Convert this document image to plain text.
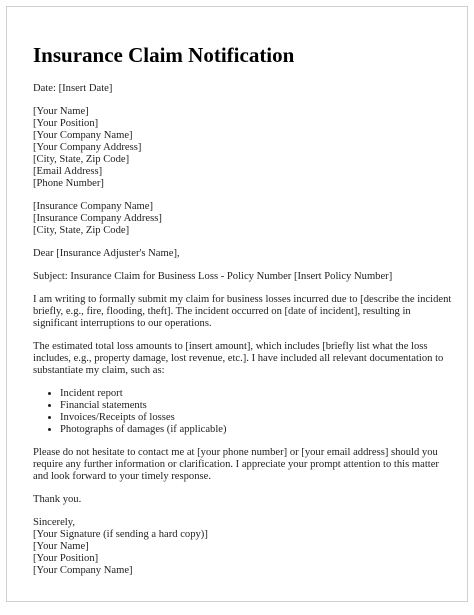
Insurance Claim Notification

Date: [Insert Date]

[Your Name]
[Your Position]
[Your Company Name]
[Your Company Address]
[City, State, Zip Code]
[Email Address]
[Phone Number]
[Insurance Company Name]
[Insurance Company Address]
[City, State, Zip Code]

Dear [Insurance Adjuster's Name],

Subject: Insurance Claim for Business Loss - Policy Number [Insert Policy Number]

I am writing to formally submit my claim for business losses incurred due to [describe the incident briefly, e.g., fire, flooding, theft]. The incident occurred on [date of incident], resulting in significant interruptions to our operations.

The estimated total loss amounts to [insert amount], which includes [briefly list what the loss includes, e.g., property damage, lost revenue, etc.]. I have included all relevant documentation to substantiate my claim, such as:

• Incident report
• Financial statements
• Invoices/Receipts of losses
• Photographs of damages (if applicable)

Please do not hesitate to contact me at [your phone number] or [your email address] should you require any further information or clarification. I appreciate your prompt attention to this matter and look forward to your timely response.

Thank you.

Sincerely,
[Your Signature (if sending a hard copy)]
[Your Name]
[Your Position]
[Your Company Name]
